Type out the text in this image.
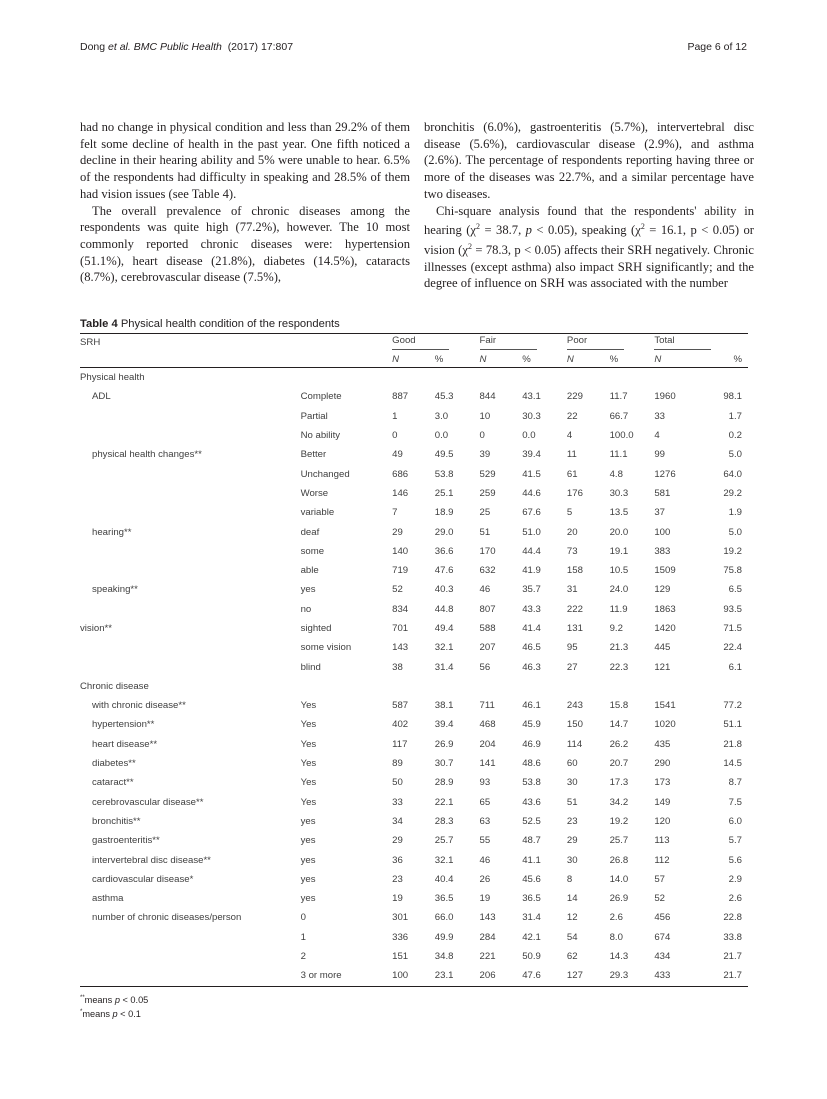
Dong et al. BMC Public Health (2017) 17:807	Page 6 of 12

had no change in physical condition and less than 29.2% of them felt some decline of health in the past year. One fifth noticed a decline in their hearing ability and 5% were unable to hear. 6.5% of the respondents had difficulty in speaking and 28.5% of them had vision issues (see Table 4).

The overall prevalence of chronic diseases among the respondents was quite high (77.2%), however. The 10 most commonly reported chronic diseases were: hypertension (51.1%), heart disease (21.8%), diabetes (14.5%), cataracts (8.7%), cerebrovascular disease (7.5%),

bronchitis (6.0%), gastroenteritis (5.7%), intervertebral disc disease (5.6%), cardiovascular disease (2.9%), and asthma (2.6%). The percentage of respondents reporting having three or more of the diseases was 22.7%, and a similar percentage have two diseases.

Chi-square analysis found that the respondents' ability in hearing ($\chi^2 = 38.7$, p < 0.05), speaking ($\chi^2 = 16.1$, p < 0.05) or vision ($\chi^2 = 78.3$, p < 0.05) affects their SRH negatively. Chronic illnesses (except asthma) also impact SRH significantly; and the degree of influence on SRH was associated with the number

Table 4 Physical health condition of the respondents
SRH		Good		Fair		Poor		Total	
		N	%	N	%	N	%	N	%
Physical health									
ADL	Complete	887	45.3	844	43.1	229	11.7	1960	98.1
	Partial	1	3.0	10	30.3	22	66.7	33	1.7
	No ability	0	0.0	0	0.0	4	100.0	4	0.2
physical health changes**	Better	49	49.5	39	39.4	11	11.1	99	5.0
	Unchanged	686	53.8	529	41.5	61	4.8	1276	64.0
	Worse	146	25.1	259	44.6	176	30.3	581	29.2
	variable	7	18.9	25	67.6	5	13.5	37	1.9
hearing**	deaf	29	29.0	51	51.0	20	20.0	100	5.0
	some	140	36.6	170	44.4	73	19.1	383	19.2
	able	719	47.6	632	41.9	158	10.5	1509	75.8
speaking**	yes	52	40.3	46	35.7	31	24.0	129	6.5
	no	834	44.8	807	43.3	222	11.9	1863	93.5
vision**	sighted	701	49.4	588	41.4	131	9.2	1420	71.5
	some vision	143	32.1	207	46.5	95	21.3	445	22.4
	blind	38	31.4	56	46.3	27	22.3	121	6.1
Chronic disease									
with chronic disease**	Yes	587	38.1	711	46.1	243	15.8	1541	77.2
hypertension**	Yes	402	39.4	468	45.9	150	14.7	1020	51.1
heart disease**	Yes	117	26.9	204	46.9	114	26.2	435	21.8
diabetes**	Yes	89	30.7	141	48.6	60	20.7	290	14.5
cataract**	Yes	50	28.9	93	53.8	30	17.3	173	8.7
cerebrovascular disease**	Yes	33	22.1	65	43.6	51	34.2	149	7.5
bronchitis**	yes	34	28.3	63	52.5	23	19.2	120	6.0
gastroenteritis**	yes	29	25.7	55	48.7	29	25.7	113	5.7
intervertebral disc disease**	yes	36	32.1	46	41.1	30	26.8	112	5.6
cardiovascular disease*	yes	23	40.4	26	45.6	8	14.0	57	2.9
asthma	yes	19	36.5	19	36.5	14	26.9	52	2.6
number of chronic diseases/person	0	301	66.0	143	31.4	12	2.6	456	22.8
	1	336	49.9	284	42.1	54	8.0	674	33.8
	2	151	34.8	221	50.9	62	14.3	434	21.7
	3 or more	100	23.1	206	47.6	127	29.3	433	21.7
**means p < 0.05
*means p < 0.1
